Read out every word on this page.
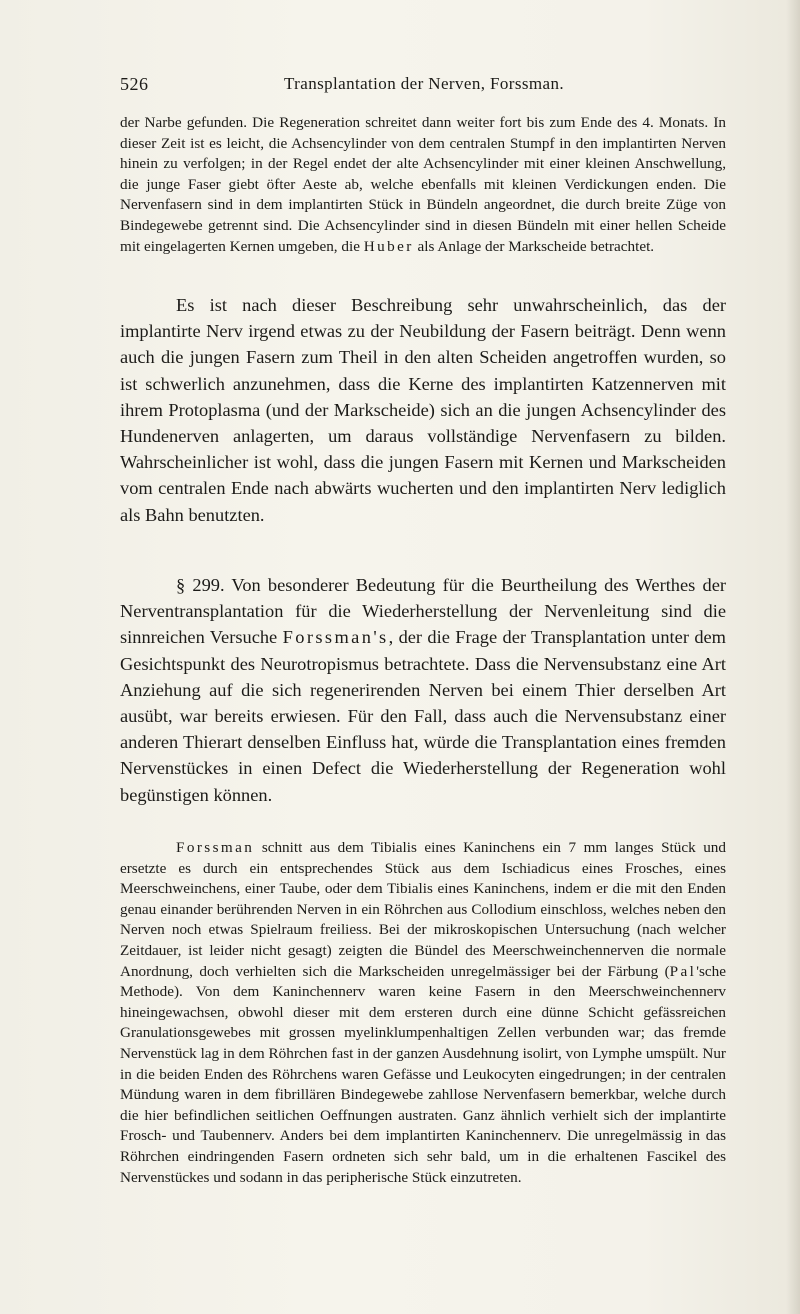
526	Transplantation der Nerven, Forssman.

der Narbe gefunden. Die Regeneration schreitet dann weiter fort bis zum Ende des 4. Monats. In dieser Zeit ist es leicht, die Achsencylinder von dem centralen Stumpf in den implantirten Nerven hinein zu verfolgen; in der Regel endet der alte Achsencylinder mit einer kleinen Anschwellung, die junge Faser giebt öfter Aeste ab, welche ebenfalls mit kleinen Verdickungen enden. Die Nervenfasern sind in dem implantirten Stück in Bündeln angeordnet, die durch breite Züge von Bindegewebe getrennt sind. Die Achsencylinder sind in diesen Bündeln mit einer hellen Scheide mit eingelagerten Kernen umgeben, die Huber als Anlage der Markscheide betrachtet.

Es ist nach dieser Beschreibung sehr unwahrscheinlich, das der implantirte Nerv irgend etwas zu der Neubildung der Fasern beiträgt. Denn wenn auch die jungen Fasern zum Theil in den alten Scheiden angetroffen wurden, so ist schwerlich anzunehmen, dass die Kerne des implantirten Katzennerven mit ihrem Protoplasma (und der Markscheide) sich an die jungen Achsencylinder des Hundenerven anlagerten, um daraus vollständige Nervenfasern zu bilden. Wahrscheinlicher ist wohl, dass die jungen Fasern mit Kernen und Markscheiden vom centralen Ende nach abwärts wucherten und den implantirten Nerv lediglich als Bahn benutzten.

§ 299. Von besonderer Bedeutung für die Beurtheilung des Werthes der Nerventransplantation für die Wiederherstellung der Nervenleitung sind die sinnreichen Versuche Forssman's, der die Frage der Transplantation unter dem Gesichtspunkt des Neurotropismus betrachtete. Dass die Nervensubstanz eine Art Anziehung auf die sich regenerirenden Nerven bei einem Thier derselben Art ausübt, war bereits erwiesen. Für den Fall, dass auch die Nervensubstanz einer anderen Thierart denselben Einfluss hat, würde die Transplantation eines fremden Nervenstückes in einen Defect die Wiederherstellung der Regeneration wohl begünstigen können.

Forssman schnitt aus dem Tibialis eines Kaninchens ein 7 mm langes Stück und ersetzte es durch ein entsprechendes Stück aus dem Ischiadicus eines Frosches, eines Meerschweinchens, einer Taube, oder dem Tibialis eines Kaninchens, indem er die mit den Enden genau einander berührenden Nerven in ein Röhrchen aus Collodium einschloss, welches neben den Nerven noch etwas Spielraum freiliess. Bei der mikroskopischen Untersuchung (nach welcher Zeitdauer, ist leider nicht gesagt) zeigten die Bündel des Meerschweinchennerven die normale Anordnung, doch verhielten sich die Markscheiden unregelmässiger bei der Färbung (Pal'sche Methode). Von dem Kaninchennerv waren keine Fasern in den Meerschweinchennerv hineingewachsen, obwohl dieser mit dem ersteren durch eine dünne Schicht gefässreichen Granulationsgewebes mit grossen myelinklumpenhaltigen Zellen verbunden war; das fremde Nervenstück lag in dem Röhrchen fast in der ganzen Ausdehnung isolirt, von Lymphe umspült. Nur in die beiden Enden des Röhrchens waren Gefässe und Leukocyten eingedrungen; in der centralen Mündung waren in dem fibrillären Bindegewebe zahllose Nervenfasern bemerkbar, welche durch die hier befindlichen seitlichen Oeffnungen austraten. Ganz ähnlich verhielt sich der implantirte Frosch- und Taubennerv. Anders bei dem implantirten Kaninchennerv. Die unregelmässig in das Röhrchen eindringenden Fasern ordneten sich sehr bald, um in die erhaltenen Fascikel des Nervenstückes und sodann in das peripherische Stück einzutreten.
